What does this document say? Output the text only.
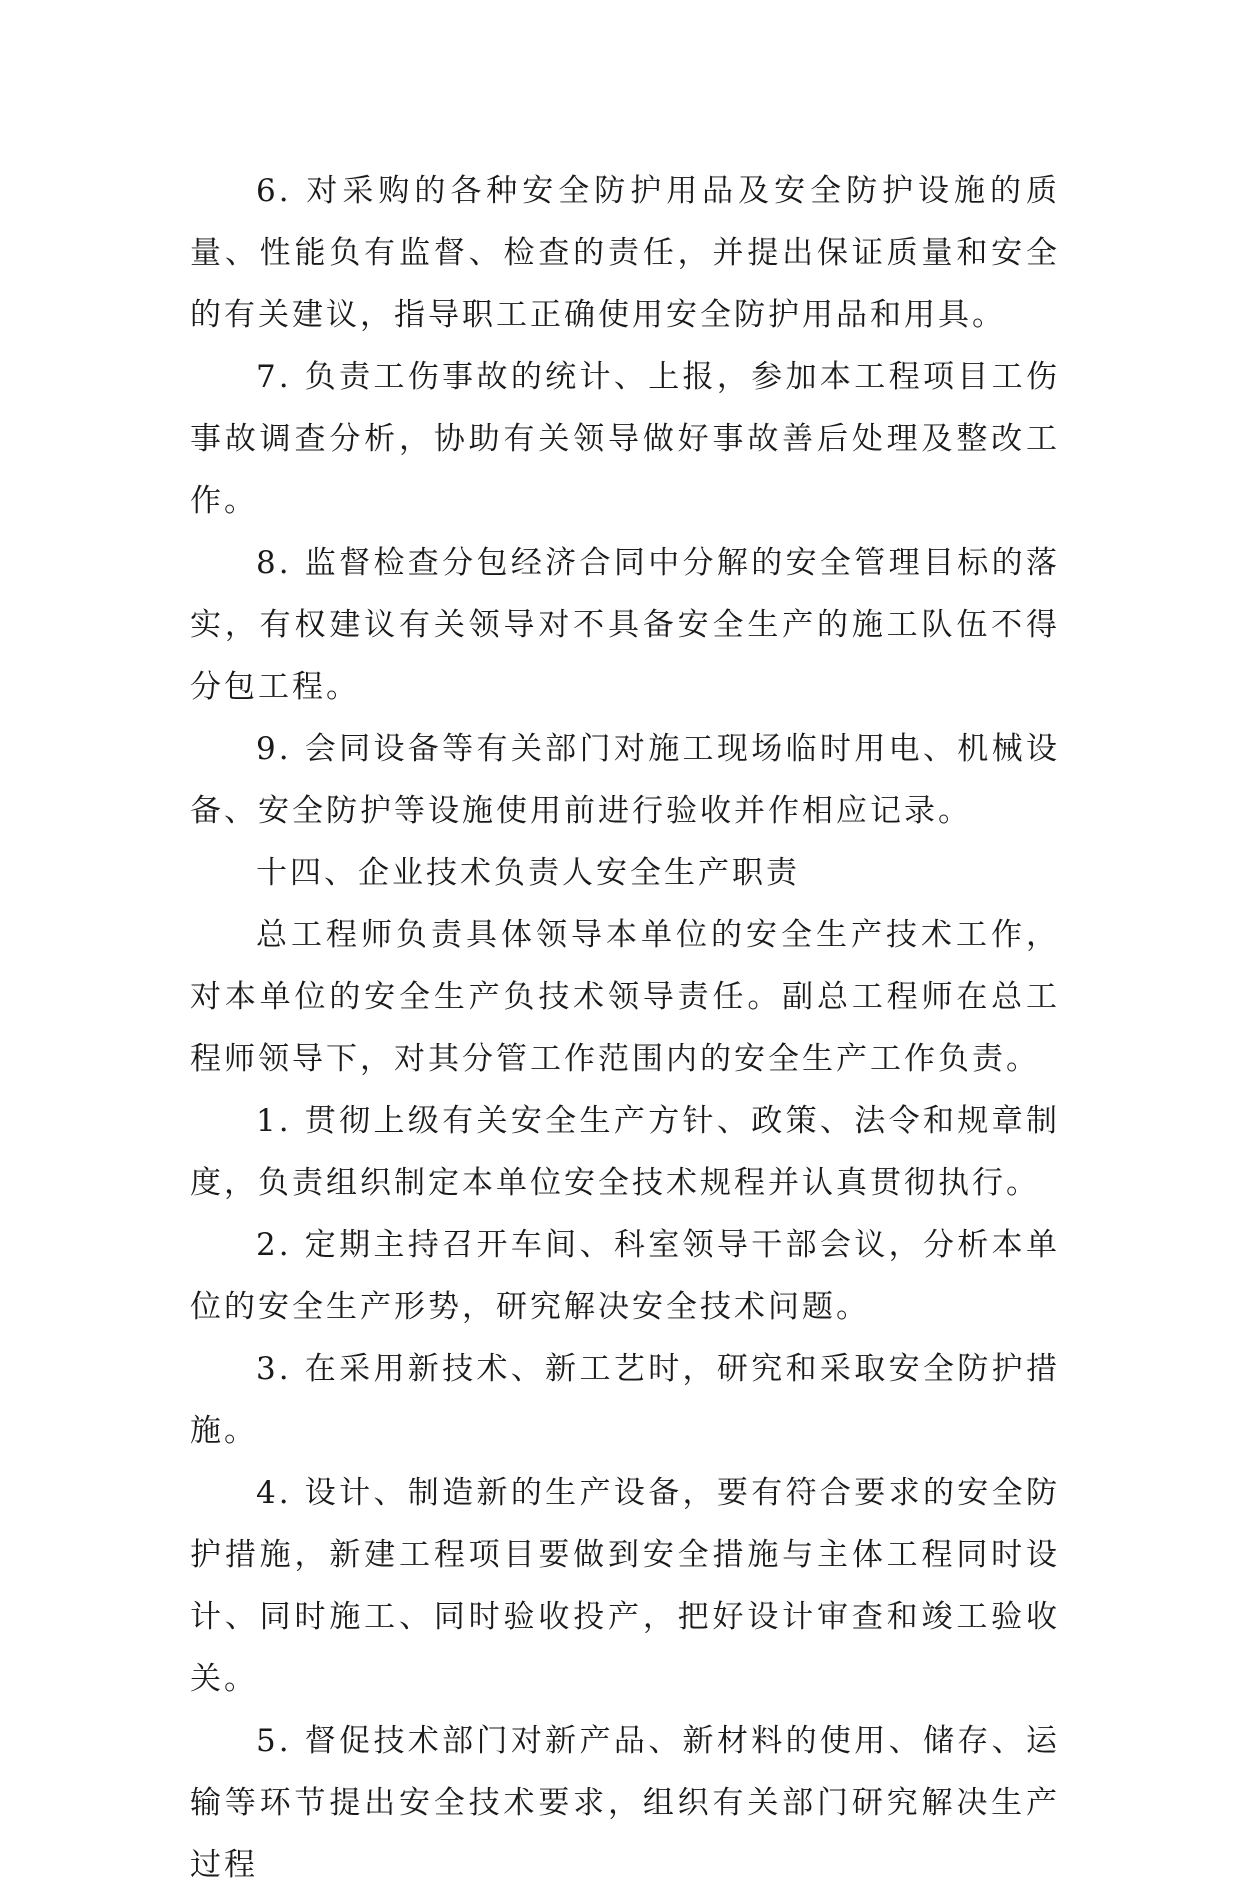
6. 对采购的各种安全防护用品及安全防护设施的质量、性能负有监督、检查的责任，并提出保证质量和安全的有关建议，指导职工正确使用安全防护用品和用具。

7. 负责工伤事故的统计、上报，参加本工程项目工伤事故调查分析，协助有关领导做好事故善后处理及整改工作。

8. 监督检查分包经济合同中分解的安全管理目标的落实，有权建议有关领导对不具备安全生产的施工队伍不得分包工程。

9. 会同设备等有关部门对施工现场临时用电、机械设备、安全防护等设施使用前进行验收并作相应记录。

十四、企业技术负责人安全生产职责

总工程师负责具体领导本单位的安全生产技术工作，对本单位的安全生产负技术领导责任。副总工程师在总工程师领导下，对其分管工作范围内的安全生产工作负责。

1. 贯彻上级有关安全生产方针、政策、法令和规章制度，负责组织制定本单位安全技术规程并认真贯彻执行。

2. 定期主持召开车间、科室领导干部会议，分析本单位的安全生产形势，研究解决安全技术问题。

3. 在采用新技术、新工艺时，研究和采取安全防护措施。

4. 设计、制造新的生产设备，要有符合要求的安全防护措施，新建工程项目要做到安全措施与主体工程同时设计、同时施工、同时验收投产，把好设计审查和竣工验收关。

5. 督促技术部门对新产品、新材料的使用、储存、运输等环节提出安全技术要求，组织有关部门研究解决生产过程
